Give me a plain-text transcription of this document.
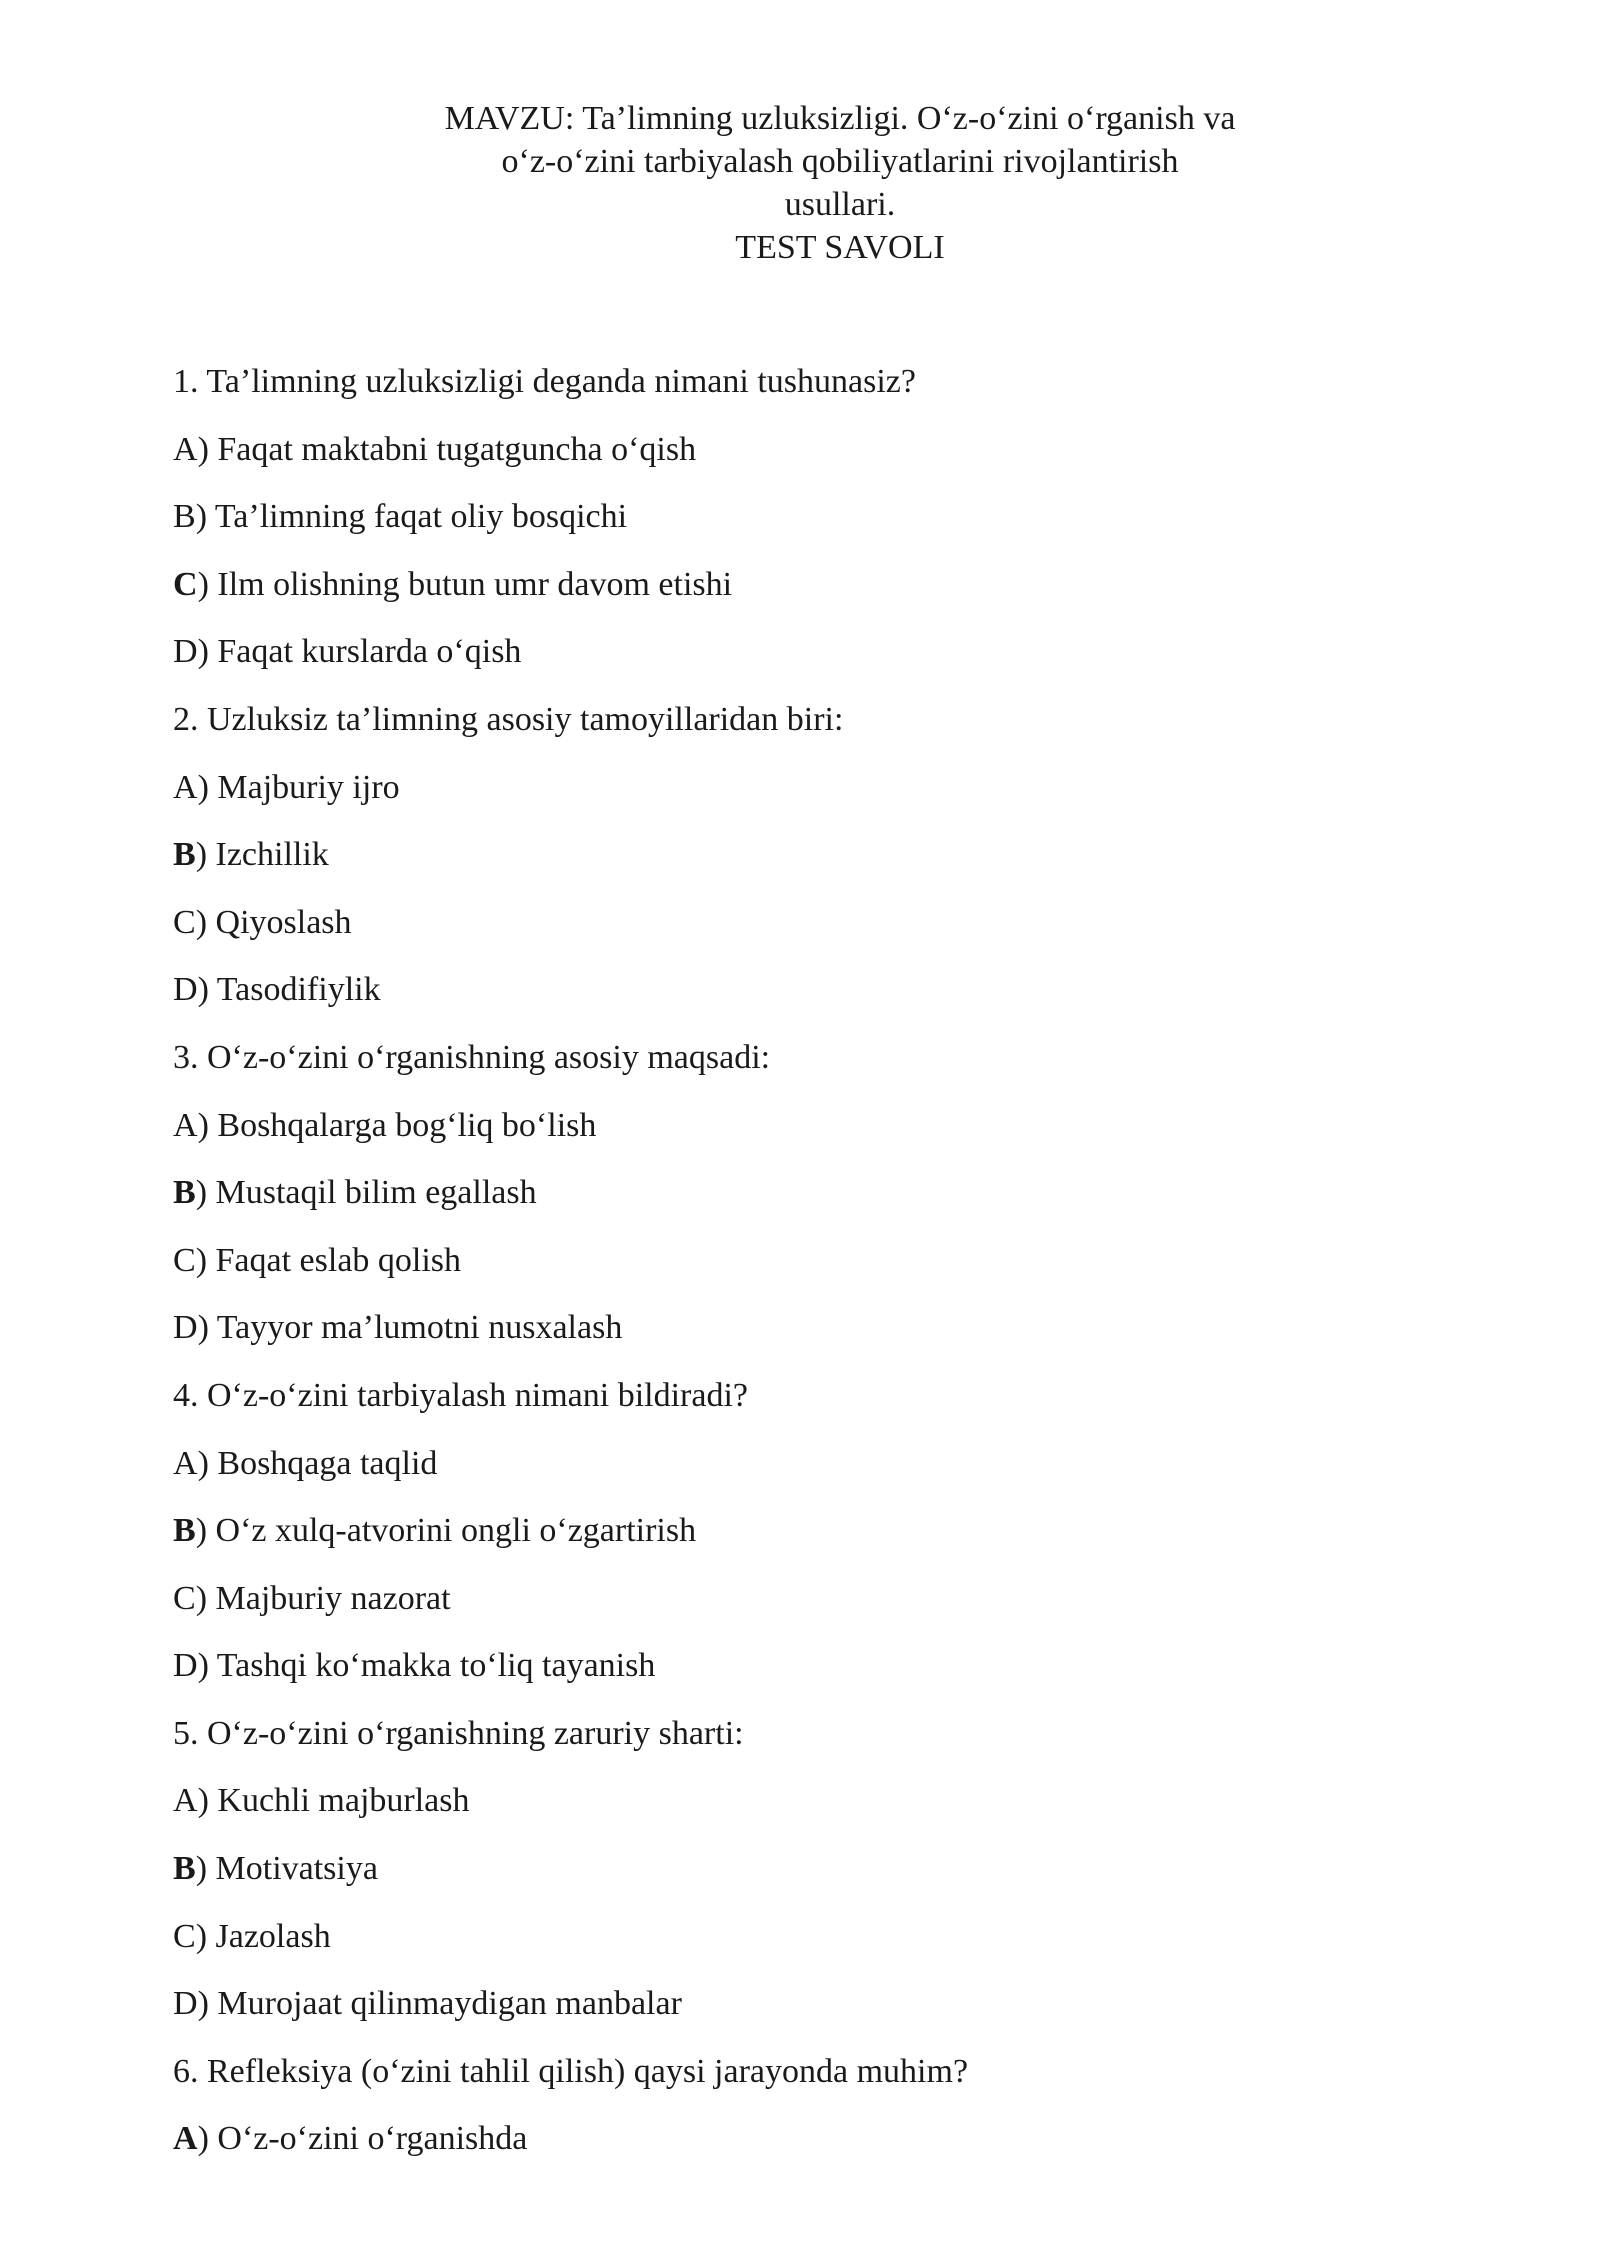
MAVZU: Ta’limning uzluksizligi. O‘z-o‘zini o‘rganish va
o‘z-o‘zini tarbiyalash qobiliyatlarini rivojlantirish
usullari.
TEST SAVOLI
1. Ta’limning uzluksizligi deganda nimani tushunasiz?
A) Faqat maktabni tugatguncha o‘qish
B) Ta’limning faqat oliy bosqichi
C) Ilm olishning butun umr davom etishi
D) Faqat kurslarda o‘qish
2. Uzluksiz ta’limning asosiy tamoyillaridan biri:
A) Majburiy ijro
B) Izchillik
C) Qiyoslash
D) Tasodifiylik
3. O‘z-o‘zini o‘rganishning asosiy maqsadi:
A) Boshqalarga bog‘liq bo‘lish
B) Mustaqil bilim egallash
C) Faqat eslab qolish
D) Tayyor ma’lumotni nusxalash
4. O‘z-o‘zini tarbiyalash nimani bildiradi?
A) Boshqaga taqlid
B) O‘z xulq-atvorini ongli o‘zgartirish
C) Majburiy nazorat
D) Tashqi ko‘makka to‘liq tayanish
5. O‘z-o‘zini o‘rganishning zaruriy sharti:
A) Kuchli majburlash
B) Motivatsiya
C) Jazolash
D) Murojaat qilinmaydigan manbalar
6. Refleksiya (o‘zini tahlil qilish) qaysi jarayonda muhim?
A) O‘z-o‘zini o‘rganishda
